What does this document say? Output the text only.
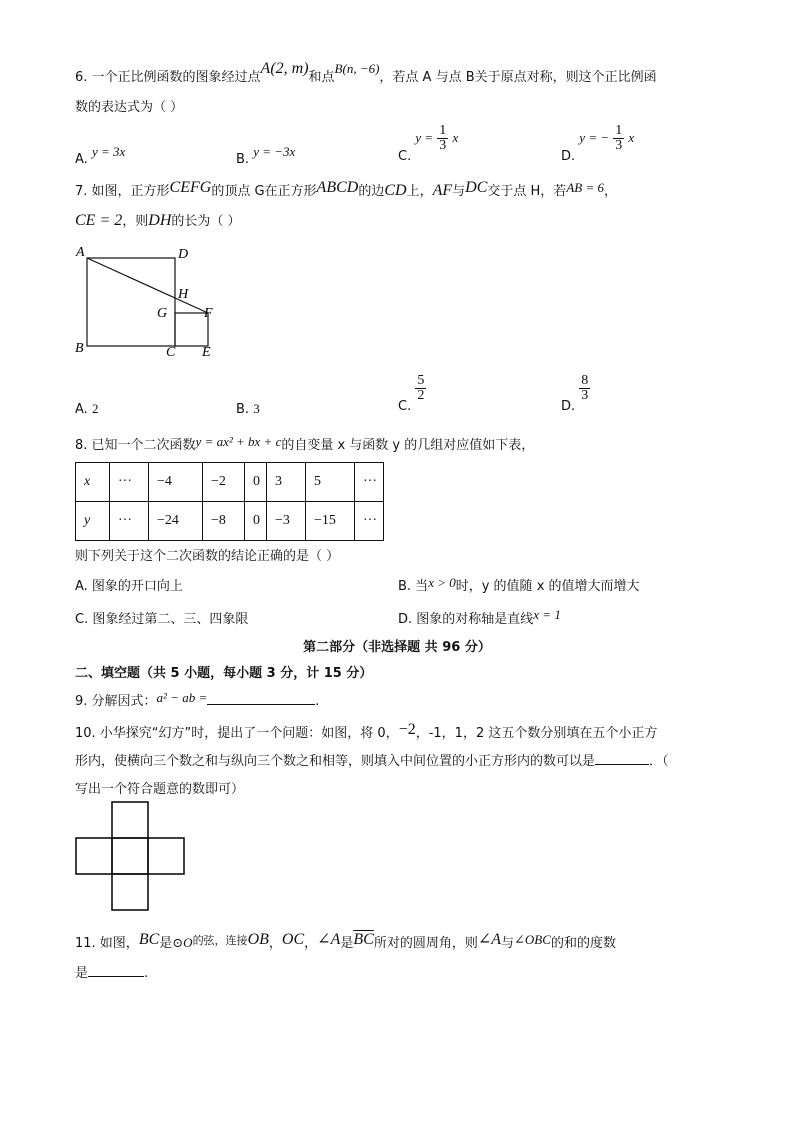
6. 一个正比例函数的图象经过点A(2, m)和点B(n, −6)，若点 A 与点 B关于原点对称，则这个正比例函
数的表达式为（ ）
A. y = 3x
B. y = −3x	C. $y = \frac{1}{3}$ x
D. y = − $\frac{1}{3}$ x
7. 如图，正方形CEFG的顶点 G在正方形ABCD的边CD上，AF与DC交于点 H，若AB = 6，
CE = 2，则DH的长为（ ）
A	D
H
G	F
B	C E
A. 2	B. 3	C.
$\frac{5}{2}$
D.
$\frac{8}{3}$
8. 已知一个二次函数y = ax² + bx + c的自变量 x 与函数 y 的几组对应值如下表，
x	···	−4	−2	0	3	5	···
y	···	−24	−8	0	−3	−15	···
则下列关于这个二次函数的结论正确的是（ ）
A. 图象的开口向上	B. 当x > 0时，y 的值随 x 的值增大而增大
C. 图象经过第二、三、四象限	D. 图象的对称轴是直线x = 1
第二部分（非选择题 共 96 分）
二、填空题（共 5 小题，每小题 3 分，计 15 分）
9. 分解因式：a² − ab =	.
10. 小华探究“幻方”时，提出了一个问题：如图，将 0，−2，-1，1，2 这五个数分别填在五个小正方
形内，使横向三个数之和与纵向三个数之和相等，则填入中间位置的小正方形内的数可以是	．（
写出一个符合题意的数即可）
11. 如图，BC是$⊙O^{的弦,连接}OB$，OC，∠A是$\overline{BC}$所对的圆周角，则∠A与∠OBC的和的度数
是	.
